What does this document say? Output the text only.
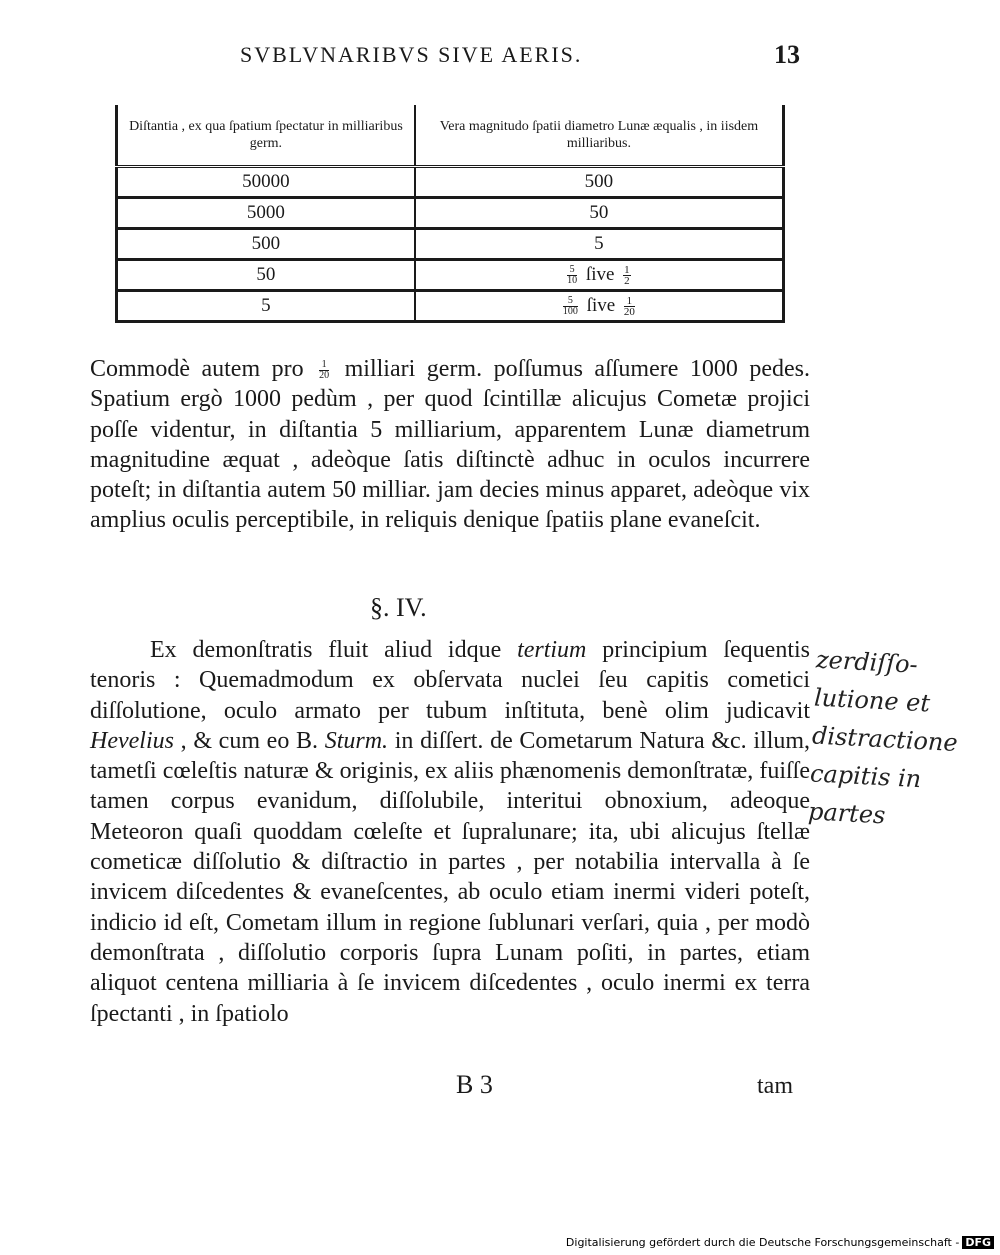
SVBLVNARIBVS SIVE AERIS.	13
Diſtantia , ex qua ſpatium ſpectatur in milliaribus germ.	Vera magnitudo ſpatii diametro Lunæ æqualis , in iisdem milliaribus.

50000	500
5000	50
500	5
50	$\frac{5}{10}$ ſive $\frac{1}{2}$

5	$\frac{5}{100}$ ſive $\frac{1}{20}$

Commodè autem pro $\frac{1}{20}$ milliari germ. poſſumus aſſumere 1000 pedes. Spatium ergò 1000 pedùm , per quod ſcintillæ alicujus Cometæ projici poſſe videntur, in diſtantia 5 milliarium, apparentem Lunæ diametrum magnitudine æquat , adeòque ſatis diſtinctè adhuc in oculos incurrere poteſt; in diſtantia autem 50 milliar. jam decies minus apparet, adeòque vix amplius oculis perceptibile, in reliquis denique ſpatiis plane evaneſcit.

§. IV.

Ex demonſtratis fluit aliud idque tertium principium ſequentis tenoris : Quemadmodum ex obſervata nuclei ſeu capitis cometici diſſolutione, oculo armato per tubum inſtituta, benè olim judicavit Hevelius , & cum eo B. Sturm. in diſſert. de Cometarum Natura &c. illum, tametſi cœleſtis naturæ & originis, ex aliis phænomenis demonſtratæ, fuiſſe tamen corpus evanidum, diſſolubile, interitui obnoxium, adeoque Meteoron quaſi quoddam cœleſte et ſupralunare; ita, ubi alicujus ſtellæ cometicæ diſſolutio & diſtractio in partes , per notabilia intervalla à ſe invicem diſcedentes & evaneſcentes, ab oculo etiam inermi videri poteſt, indicio id eſt, Cometam illum in regione ſublunari verſari, quia , per modò demonſtrata , diſſolutio corporis ſupra Lunam poſiti, in partes, etiam aliquot centena milliaria à ſe invicem diſcedentes , oculo inermi ex terra ſpectanti , in ſpatiolo

B 3	tam
zerdiſſo-
lutione et
distractione
capitis in
partes
Digitalisierung gefördert durch die Deutsche Forschungsgemeinschaft - DFG
